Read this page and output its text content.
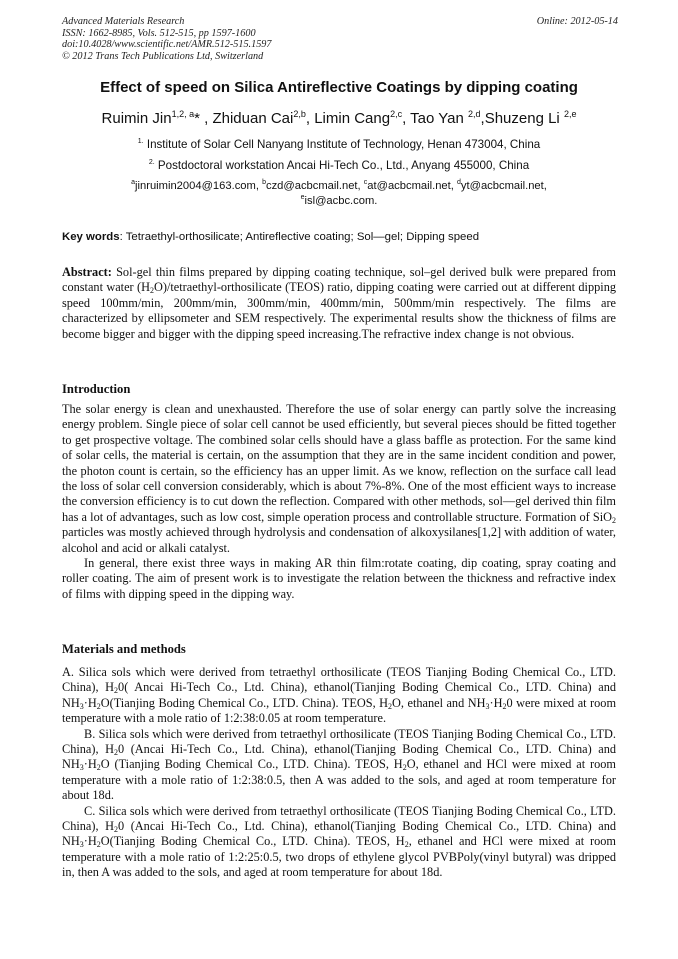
Advanced Materials Research
ISSN: 1662-8985, Vols. 512-515, pp 1597-1600
doi:10.4028/www.scientific.net/AMR.512-515.1597
© 2012 Trans Tech Publications Ltd, Switzerland
Online: 2012-05-14
Effect of speed on Silica Antireflective Coatings by dipping coating
Ruimin Jin$^{1,2, a}$* , Zhiduan Cai$^{2,b}$, Limin Cang$^{2,c}$, Tao Yan $^{2,d}$,Shuzeng Li $^{2,e}$
$^{1.}$ Institute of Solar Cell Nanyang Institute of Technology, Henan 473004, China
$^{2.}$ Postdoctoral workstation Ancai Hi-Tech Co., Ltd., Anyang 455000, China
$^a$jinruimin2004@163.com, $^b$czd@acbcmail.net, $^c$at@acbcmail.net, $^d$yt@acbcmail.net,
$^e$isl@acbc.com.
Key words: Tetraethyl-orthosilicate; Antireflective coating; Sol—gel; Dipping speed

Abstract: Sol-gel thin films prepared by dipping coating technique, sol–gel derived bulk were prepared from constant water $(H_2O)/tetraethyl$-orthosilicate (TEOS) ratio, dipping coating were carried out at different dipping speed 100mm/min, 200mm/min, 300mm/min, 400mm/min, 500mm/min respectively. The films are characterized by ellipsometer and SEM respectively. The experimental results show the thickness of films are become bigger and bigger with the dipping speed increasing.The refractive index change is not obvious.

Introduction

The solar energy is clean and unexhausted. Therefore the use of solar energy can partly solve the increasing energy problem. Single piece of solar cell cannot be used efficiently, but several pieces should be fitted together to get prospective voltage. The combined solar cells should have a glass baffle as protection. For the same kind of solar cells, the material is certain, on the assumption that they are in the same incident condition and power, the photon count is certain, so the efficiency has an upper limit. As we know, reflection on the surface call lead the loss of solar cell conversion considerably, which is about 7%-8%. One of the most efficient ways to increase the conversion efficiency is to cut down the reflection. Compared with other methods, sol—gel derived thin film has a lot of advantages, such as low cost, simple operation process and controllable structure. Formation of SiO$_2$ particles was mostly achieved through hydrolysis and condensation of alkoxysilanes[1,2] with addition of water, alcohol and acid or alkali catalyst.

In general, there exist three ways in making AR thin film:rotate coating, dip coating, spray coating and roller coating. The aim of present work is to investigate the relation between the thickness and refractive index of films with dipping speed in the dipping way.

Materials and methods

A. Silica sols which were derived from tetraethyl orthosilicate (TEOS Tianjing Boding Chemical Co., LTD. China), $H_20$( Ancai Hi-Tech Co., Ltd. China), ethanol(Tianjing Boding Chemical Co., LTD. China) and $NH_3\cdot H_2O(Tianjing$ Boding Chemical Co., LTD. China). TEOS, $H_2O$, ethanel and $NH_3\cdot H_20$ were mixed at room temperature with a mole ratio of 1:2:38:0.05 at room temperature.

B. Silica sols which were derived from tetraethyl orthosilicate (TEOS Tianjing Boding Chemical Co., LTD. China), $H_20$ (Ancai Hi-Tech Co., Ltd. China), ethanol(Tianjing Boding Chemical Co., LTD. China) and $NH_3\cdot H_2O$ (Tianjing Boding Chemical Co., LTD. China). TEOS, $H_2O$, ethanel and HCl were mixed at room temperature with a mole ratio of 1:2:38:0.5, then A was added to the sols, and aged at room temperature for about 18d.

C. Silica sols which were derived from tetraethyl orthosilicate (TEOS Tianjing Boding Chemical Co., LTD. China), $H_20$ (Ancai Hi-Tech Co., Ltd. China), ethanol(Tianjing Boding Chemical Co., LTD. China) and $NH_3\cdot H_2O(Tianjing$ Boding Chemical Co., LTD. China). TEOS, $H_2$, ethanel and HCl were mixed at room temperature with a mole ratio of 1:2:25:0.5, two drops of ethylene glycol PVBPoly(vinyl butyral) was dripped in, then A was added to the sols, and aged at room temperature for about 18d.
